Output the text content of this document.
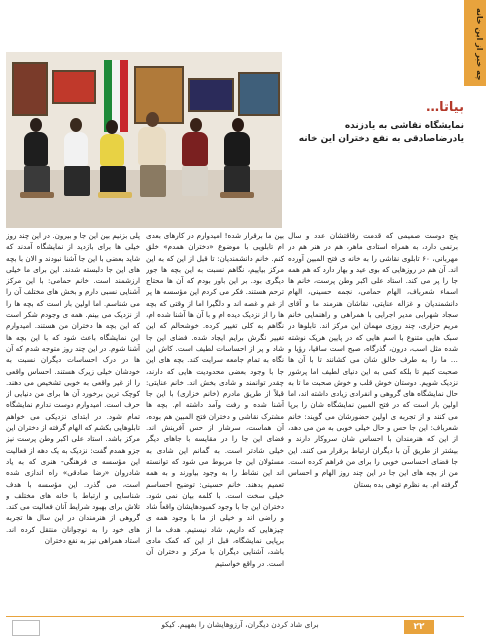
چه خبر از این خانه
بیاتا…
نمایشگاه نقاشی به یادزنده یادرضاصادقی به نفع دختران این خانه

پنج دوست صمیمی که قدمت رفاقتشان عدد و سال برنمی دارد، به همراه استادی ماهر، هم در هنر هم در مهربانی، ۶۰ تابلوی نقاشی را به خانه ی فتح المبین آورده اند. آن هم در روزهایی که بوی عید و بهار دارد که هم همه جا را پر می کند. استاد علی اکبر وطن پرست، خانم ها اسماء شعرباف، الهام حمامی، نجمه حسینی، الهام دانشمندیان و غزاله عنایتی، نقاشان هنرمند ما و آقای سجاد شهرابی مدیر اجرایی با همراهی و راهنمایی خانم مریم حزاری، چند روزی مهمان این مرکز اند. تابلوها در سبک هایی متنوع با اسم هایی که در پایین هریک نوشته شده مثل اسب، درون، گذرگاه، صبح است ساقیا، رؤیا و … ما را به طرف خالق شان می کشانند تا با آن ها صحبت کنیم تا بلکه کمی به این دنیای لطیف اما پرشور نزدیک شویم. دوستان خوش قلب و خوش صحبت ما تا به حال نمایشگاه های گروهی و انفرادی زیادی داشته اند، اما اولین بار است که در فتح المبین نمایشگاه شان را برپا می کنند و از تجربه ی اولین حضورشان می گویند: خانم شعرباف: این جا حس و حال خیلی خوبی به من می دهد، از این که هنرمندان با احساس شان سروکار دارند و بیشتر از طریق آن با دیگران ارتباط برقرار می کنند. این جا فضای احساسی خوبی را برای من فراهم کرده است. من از بچه های این جا در این چند روز الهام و احساس گرفته ام. به نظرم توهی بده بستان

بین ما برقرار شده! امیدوارم در کارهای بعدی ام تابلویی با موضوع «دختران همدم» خلق کنم. خانم دانشمندیان: تا قبل از این که به این مرکز بیاییم، نگاهم نسبت به این بچه ها جور دیگری بود. بر این باور بودم که آن ها محتاج ترحم هستند. فکر می کردم این مؤسسه ها پر از غم و غصه اند و دلگیرا اما از وقتی که بچه ها را از نزدیک دیده ام و با آن ها آشنا شده ام، نگاهم به کلی تغییر کرده. خوشحالم که این تغییر نگرش برایم ایجاد شده. فضای این جا شاد و پر از احساسات لطیف است. کاش این نگاه به تمام جامعه سرایت کند. بچه های این جا با وجود بعضی محدودیت هایی که دارند، چقدر توانمند و شادی بخش اند. خانم عنایتی: قبلاً از طریق مادرم (خانم خزاری) با این جا آشنا شده و رفت وآمد داشته ام. بچه ها مشترک نقاشی و دختران فتح المبین هم بوده، آن هماست، سرشار از حس آفرینش اند. فضای این جا را در مقایسه با جاهای دیگر خیلی شادتر است. به گمانم این شادی به مسئولان این جا مربوط می شود که توانسته اند این نشاط را به وجود بیاورند و به همه تعمیم بدهند. خانم حسینی: توضیح احساسم خیلی سخت است. با کلمه بیان نمی شود. دختران این جا با وجود کمبودهایشان واقعاً شاد و راضی اند و خیلی از ما با وجود همه ی چیزهایی که داریم، شاد نیستیم. هدف ما از برپایی نمایشگاه، قبل از این که کمک مادی باشد، آشنایی دیگران با مرکز و دختران آن است. در واقع خواستیم

پلی بزنیم بین این جا و بیرون. در این چند روز خیلی ها برای بازدید از نمایشگاه آمدند که شاید بعضی با این جا آشنا نبودند و الان با بچه های این جا دلبسته شدند. این برای ما خیلی ارزشمند است. خانم حمامی: با این مرکز آشنایی نسبی دارم و بخش های مختلف آن را می شناسم. اما اولین بار است که بچه ها را از نزدیک می بینم. همه ی وجودم شکر است که این بچه ها دختران من هستند. امیدوارم این نمایشگاه باعث شود که با این بچه ها آشنا شوم. در این چند روز متوجه شدم که آن ها در درک احساسات دیگران نسبت به خودشان خیلی زیرک هستند. احساس واقعی را از غیر واقعی به خوبی تشخیص می دهند. کوچک ترین برخورد آن ها برای من دنیایی از حرف است. امیدوارم دوست ندارم نمایشگاه تمام شود. در ابتدای نزدیکی می خواهم تابلوهایی بکشم که الهام گرفته از دختران این مرکز باشد. استاد علی اکبر وطن پرست نیز جزو همدم گفت: نزدیک به یک دهه از فعالیت این مؤسسه ی فرهنگی- هنری که به یاد شادروان «رضا صادقی» راه اندازی شده است، می گذرد. این مؤسسه با هدف شناسایی و ارتباط با خانه های مختلف و تلاش برای بهبود شرایط آنان فعالیت می کند. گروهی از هنرمندان در این سال ها تجربه های خود را به نوجوانان منتقل کرده اند. استاد همراهی نیز به نفع دختران

برای شاد کردن دیگران، آرزوهایشان را بفهیم. کیکو	۲۲
